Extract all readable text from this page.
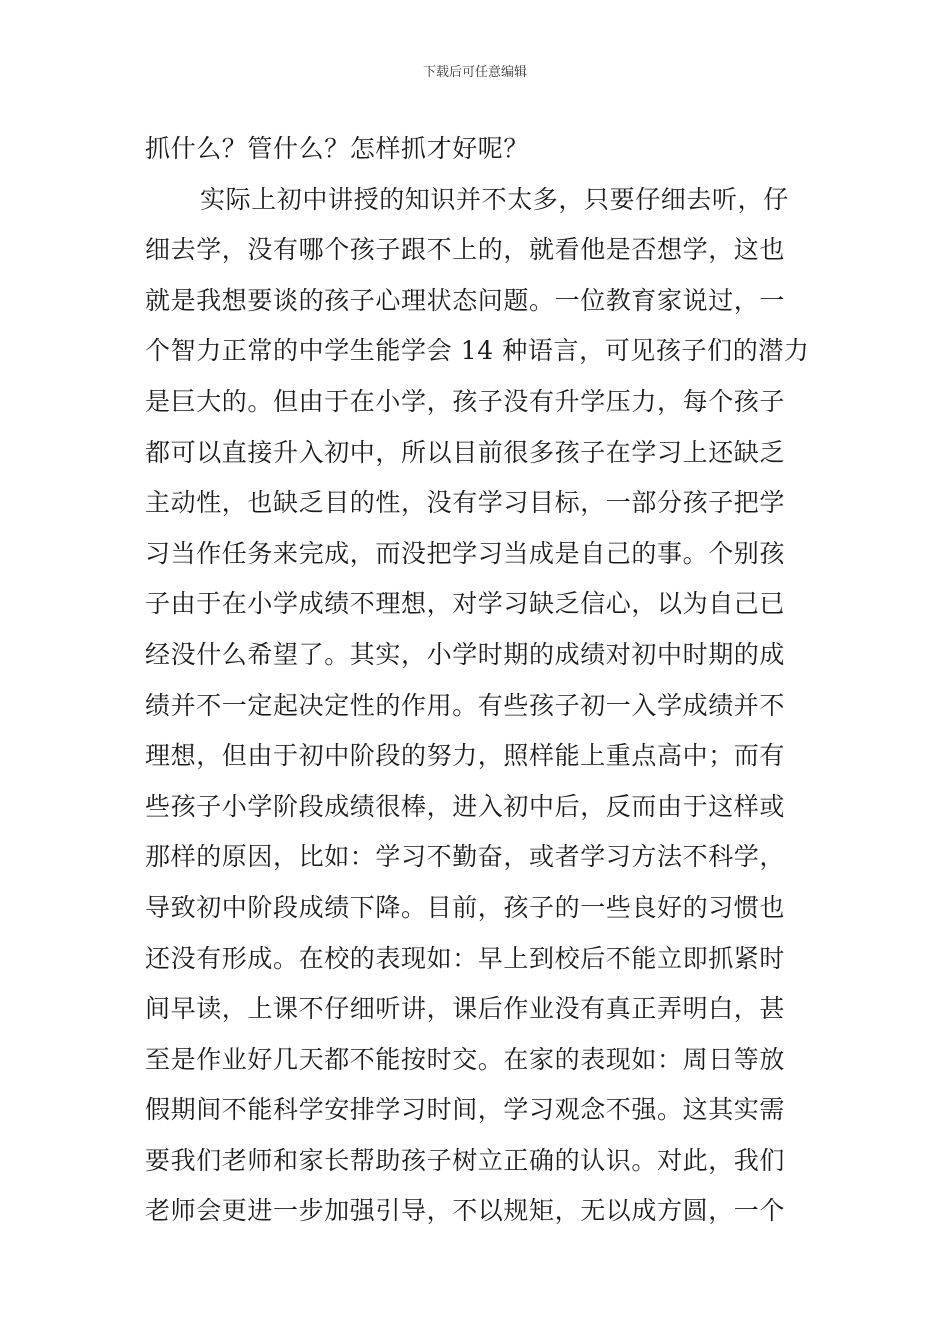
下载后可任意编辑
抓什么？管什么？怎样抓才好呢？
实际上初中讲授的知识并不太多，只要仔细去听，仔
细去学，没有哪个孩子跟不上的，就看他是否想学，这也
就是我想要谈的孩子心理状态问题。一位教育家说过，一
个智力正常的中学生能学会 14 种语言，可见孩子们的潜力
是巨大的。但由于在小学，孩子没有升学压力，每个孩子
都可以直接升入初中，所以目前很多孩子在学习上还缺乏
主动性，也缺乏目的性，没有学习目标，一部分孩子把学
习当作任务来完成，而没把学习当成是自己的事。个别孩
子由于在小学成绩不理想，对学习缺乏信心，以为自己已
经没什么希望了。其实，小学时期的成绩对初中时期的成
绩并不一定起决定性的作用。有些孩子初一入学成绩并不
理想，但由于初中阶段的努力，照样能上重点高中；而有
些孩子小学阶段成绩很棒，进入初中后，反而由于这样或
那样的原因，比如：学习不勤奋，或者学习方法不科学，
导致初中阶段成绩下降。目前，孩子的一些良好的习惯也
还没有形成。在校的表现如：早上到校后不能立即抓紧时
间早读，上课不仔细听讲，课后作业没有真正弄明白，甚
至是作业好几天都不能按时交。在家的表现如：周日等放
假期间不能科学安排学习时间，学习观念不强。这其实需
要我们老师和家长帮助孩子树立正确的认识。对此，我们
老师会更进一步加强引导，不以规矩，无以成方圆，一个
